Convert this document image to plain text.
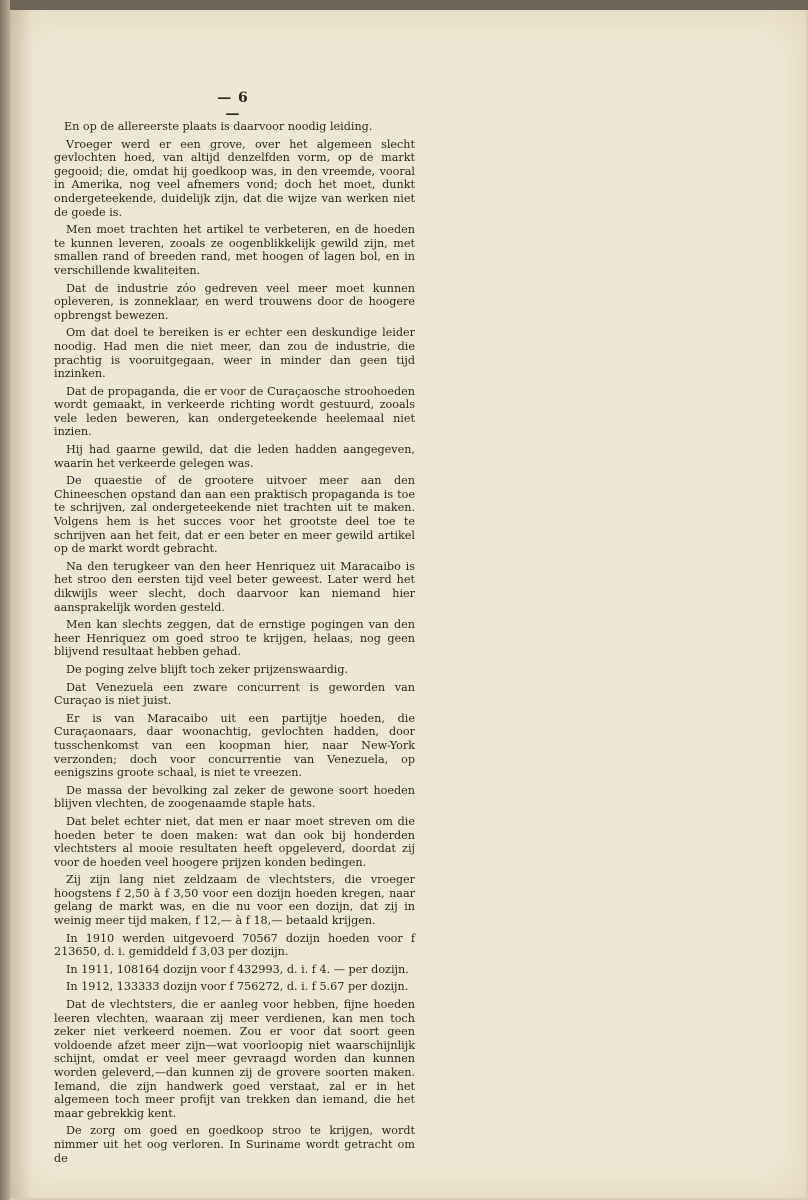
— 6 —

En op de allereerste plaats is daarvoor noodig leiding.

Vroeger werd er een grove, over het algemeen slecht gevlochten hoed, van altijd denzelfden vorm, op de markt gegooid; die, omdat hij goedkoop was, in den vreemde, vooral in Amerika, nog veel afnemers vond; doch het moet, dunkt ondergeteekende, duidelijk zijn, dat die wijze van werken niet de goede is.

Men moet trachten het artikel te verbeteren, en de hoeden te kunnen leveren, zooals ze oogenblikkelijk gewild zijn, met smallen rand of breeden rand, met hoogen of lagen bol, en in verschillende kwaliteiten.

Dat de industrie zóo gedreven veel meer moet kunnen opleveren, is zonneklaar, en werd trouwens door de hoogere opbrengst bewezen.

Om dat doel te bereiken is er echter een deskundige leider noodig. Had men die niet meer, dan zou de industrie, die prachtig is vooruitgegaan, weer in minder dan geen tijd inzinken.

Dat de propaganda, die er voor de Curaçaosche stroohoeden wordt gemaakt, in verkeerde richting wordt gestuurd, zooals vele leden beweren, kan ondergeteekende heelemaal niet inzien.

Hij had gaarne gewild, dat die leden hadden aangegeven, waarin het verkeerde gelegen was.

De quaestie of de grootere uitvoer meer aan den Chineeschen opstand dan aan een praktisch propaganda is toe te schrijven, zal ondergeteekende niet trachten uit te maken. Volgens hem is het succes voor het grootste deel toe te schrijven aan het feit, dat er een beter en meer gewild artikel op de markt wordt gebracht.

Na den terugkeer van den heer Henriquez uit Maracaibo is het stroo den eersten tijd veel beter geweest. Later werd het dikwijls weer slecht, doch daarvoor kan niemand hier aansprakelijk worden gesteld.

Men kan slechts zeggen, dat de ernstige pogingen van den heer Henriquez om goed stroo te krijgen, helaas, nog geen blijvend resultaat hebben gehad.

De poging zelve blijft toch zeker prijzenswaardig.

Dat Venezuela een zware concurrent is geworden van Curaçao is niet juist.

Er is van Maracaibo uit een partijtje hoeden, die Curaçaonaars, daar woonachtig, gevlochten hadden, door tusschenkomst van een koopman hier, naar New-York verzonden; doch voor concurrentie van Venezuela, op eenigszins groote schaal, is niet te vreezen.

De massa der bevolking zal zeker de gewone soort hoeden blijven vlechten, de zoogenaamde staple hats.

Dat belet echter niet, dat men er naar moet streven om die hoeden beter te doen maken: wat dan ook bij honderden vlechtsters al mooie resultaten heeft opgeleverd, doordat zij voor de hoeden veel hoogere prijzen konden bedingen.

Zij zijn lang niet zeldzaam de vlechtsters, die vroeger hoogstens f 2,50 à f 3,50 voor een dozijn hoeden kregen, naar gelang de markt was, en die nu voor een dozijn, dat zij in weinig meer tijd maken, f 12,— à f 18,— betaald krijgen.

In 1910 werden uitgevoerd 70567 dozijn hoeden voor f 213650, d. i. gemiddeld f 3,03 per dozijn.

In 1911, 108164 dozijn voor f 432993, d. i. f 4. — per dozijn.

In 1912, 133333 dozijn voor f 756272, d. i. f 5.67 per dozijn.

Dat de vlechtsters, die er aanleg voor hebben, fijne hoeden leeren vlechten, waaraan zij meer verdienen, kan men toch zeker niet verkeerd noemen. Zou er voor dat soort geen voldoende afzet meer zijn—wat voorloopig niet waarschijnlijk schijnt, omdat er veel meer gevraagd worden dan kunnen worden geleverd,—dan kunnen zij de grovere soorten maken. Iemand, die zijn handwerk goed verstaat, zal er in het algemeen toch meer profijt van trekken dan iemand, die het maar gebrekkig kent.

De zorg om goed en goedkoop stroo te krijgen, wordt nimmer uit het oog verloren. In Suriname wordt getracht om de
